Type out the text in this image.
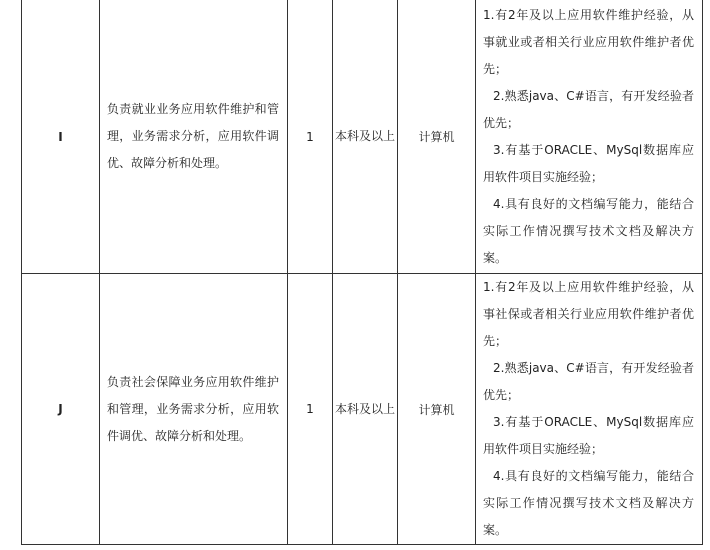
I	负责就业业务应用软件维护和管理，业务需求分析，应用软件调优、故障分析和处理。	1	本科及以上	计算机	1.有2年及以上应用软件维护经验，从事就业或者相关行业应用软件维护者优先；
2.熟悉java、C#语言，有开发经验者优先；
3.有基于ORACLE、MySql数据库应用软件项目实施经验；
4.具有良好的文档编写能力，能结合实际工作情况撰写技术文档及解决方案。

J	负责社会保障业务应用软件维护和管理，业务需求分析，应用软件调优、故障分析和处理。	1	本科及以上	计算机	1.有2年及以上应用软件维护经验，从事社保或者相关行业应用软件维护者优先；
2.熟悉java、C#语言，有开发经验者优先；
3.有基于ORACLE、MySql数据库应用软件项目实施经验；
4.具有良好的文档编写能力，能结合实际工作情况撰写技术文档及解决方案。
